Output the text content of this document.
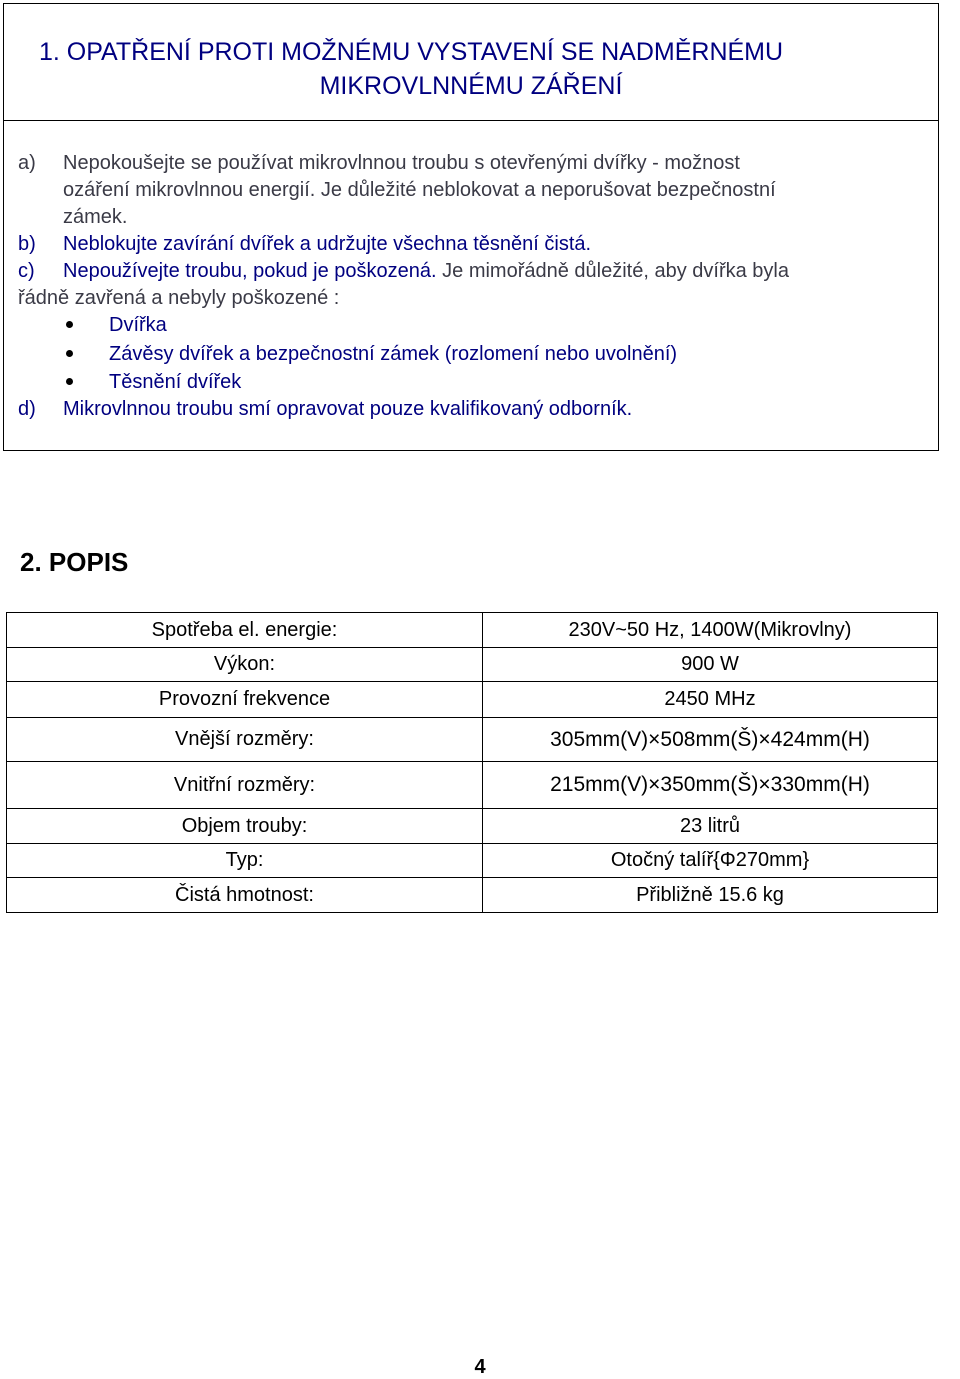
1. OPATŘENÍ PROTI MOŽNÉMU VYSTAVENÍ SE NADMĚRNÉMU
MIKROVLNNÉMU ZÁŘENÍ
a) Nepokoušejte se používat mikrovlnnou troubu s otevřenými dvířky - možnost
ozáření mikrovlnnou energií. Je důležité neblokovat a neporušovat bezpečnostní
zámek.
b) Neblokujte zavírání dvířek a udržujte všechna těsnění čistá.
c) Nepoužívejte troubu, pokud je poškozená. Je mimořádně důležité, aby dvířka byla
řádně zavřená a nebyly poškozené :
Dvířka
Závěsy dvířek a bezpečnostní zámek (rozlomení nebo uvolnění)
Těsnění dvířek
d) Mikrovlnnou troubu smí opravovat pouze kvalifikovaný odborník.
2. POPIS
Spotřeba el. energie:	230V~50 Hz, 1400W(Mikrovlny)
Výkon:	900 W
Provozní frekvence	2450 MHz
Vnější rozměry:	305mm(V)×508mm(Š)×424mm(H)
Vnitřní rozměry:	215mm(V)×350mm(Š)×330mm(H)
Objem trouby:	23 litrů
Typ:	Otočný talíř{Φ270mm}
Čistá hmotnost:	Přibližně 15.6 kg
4
